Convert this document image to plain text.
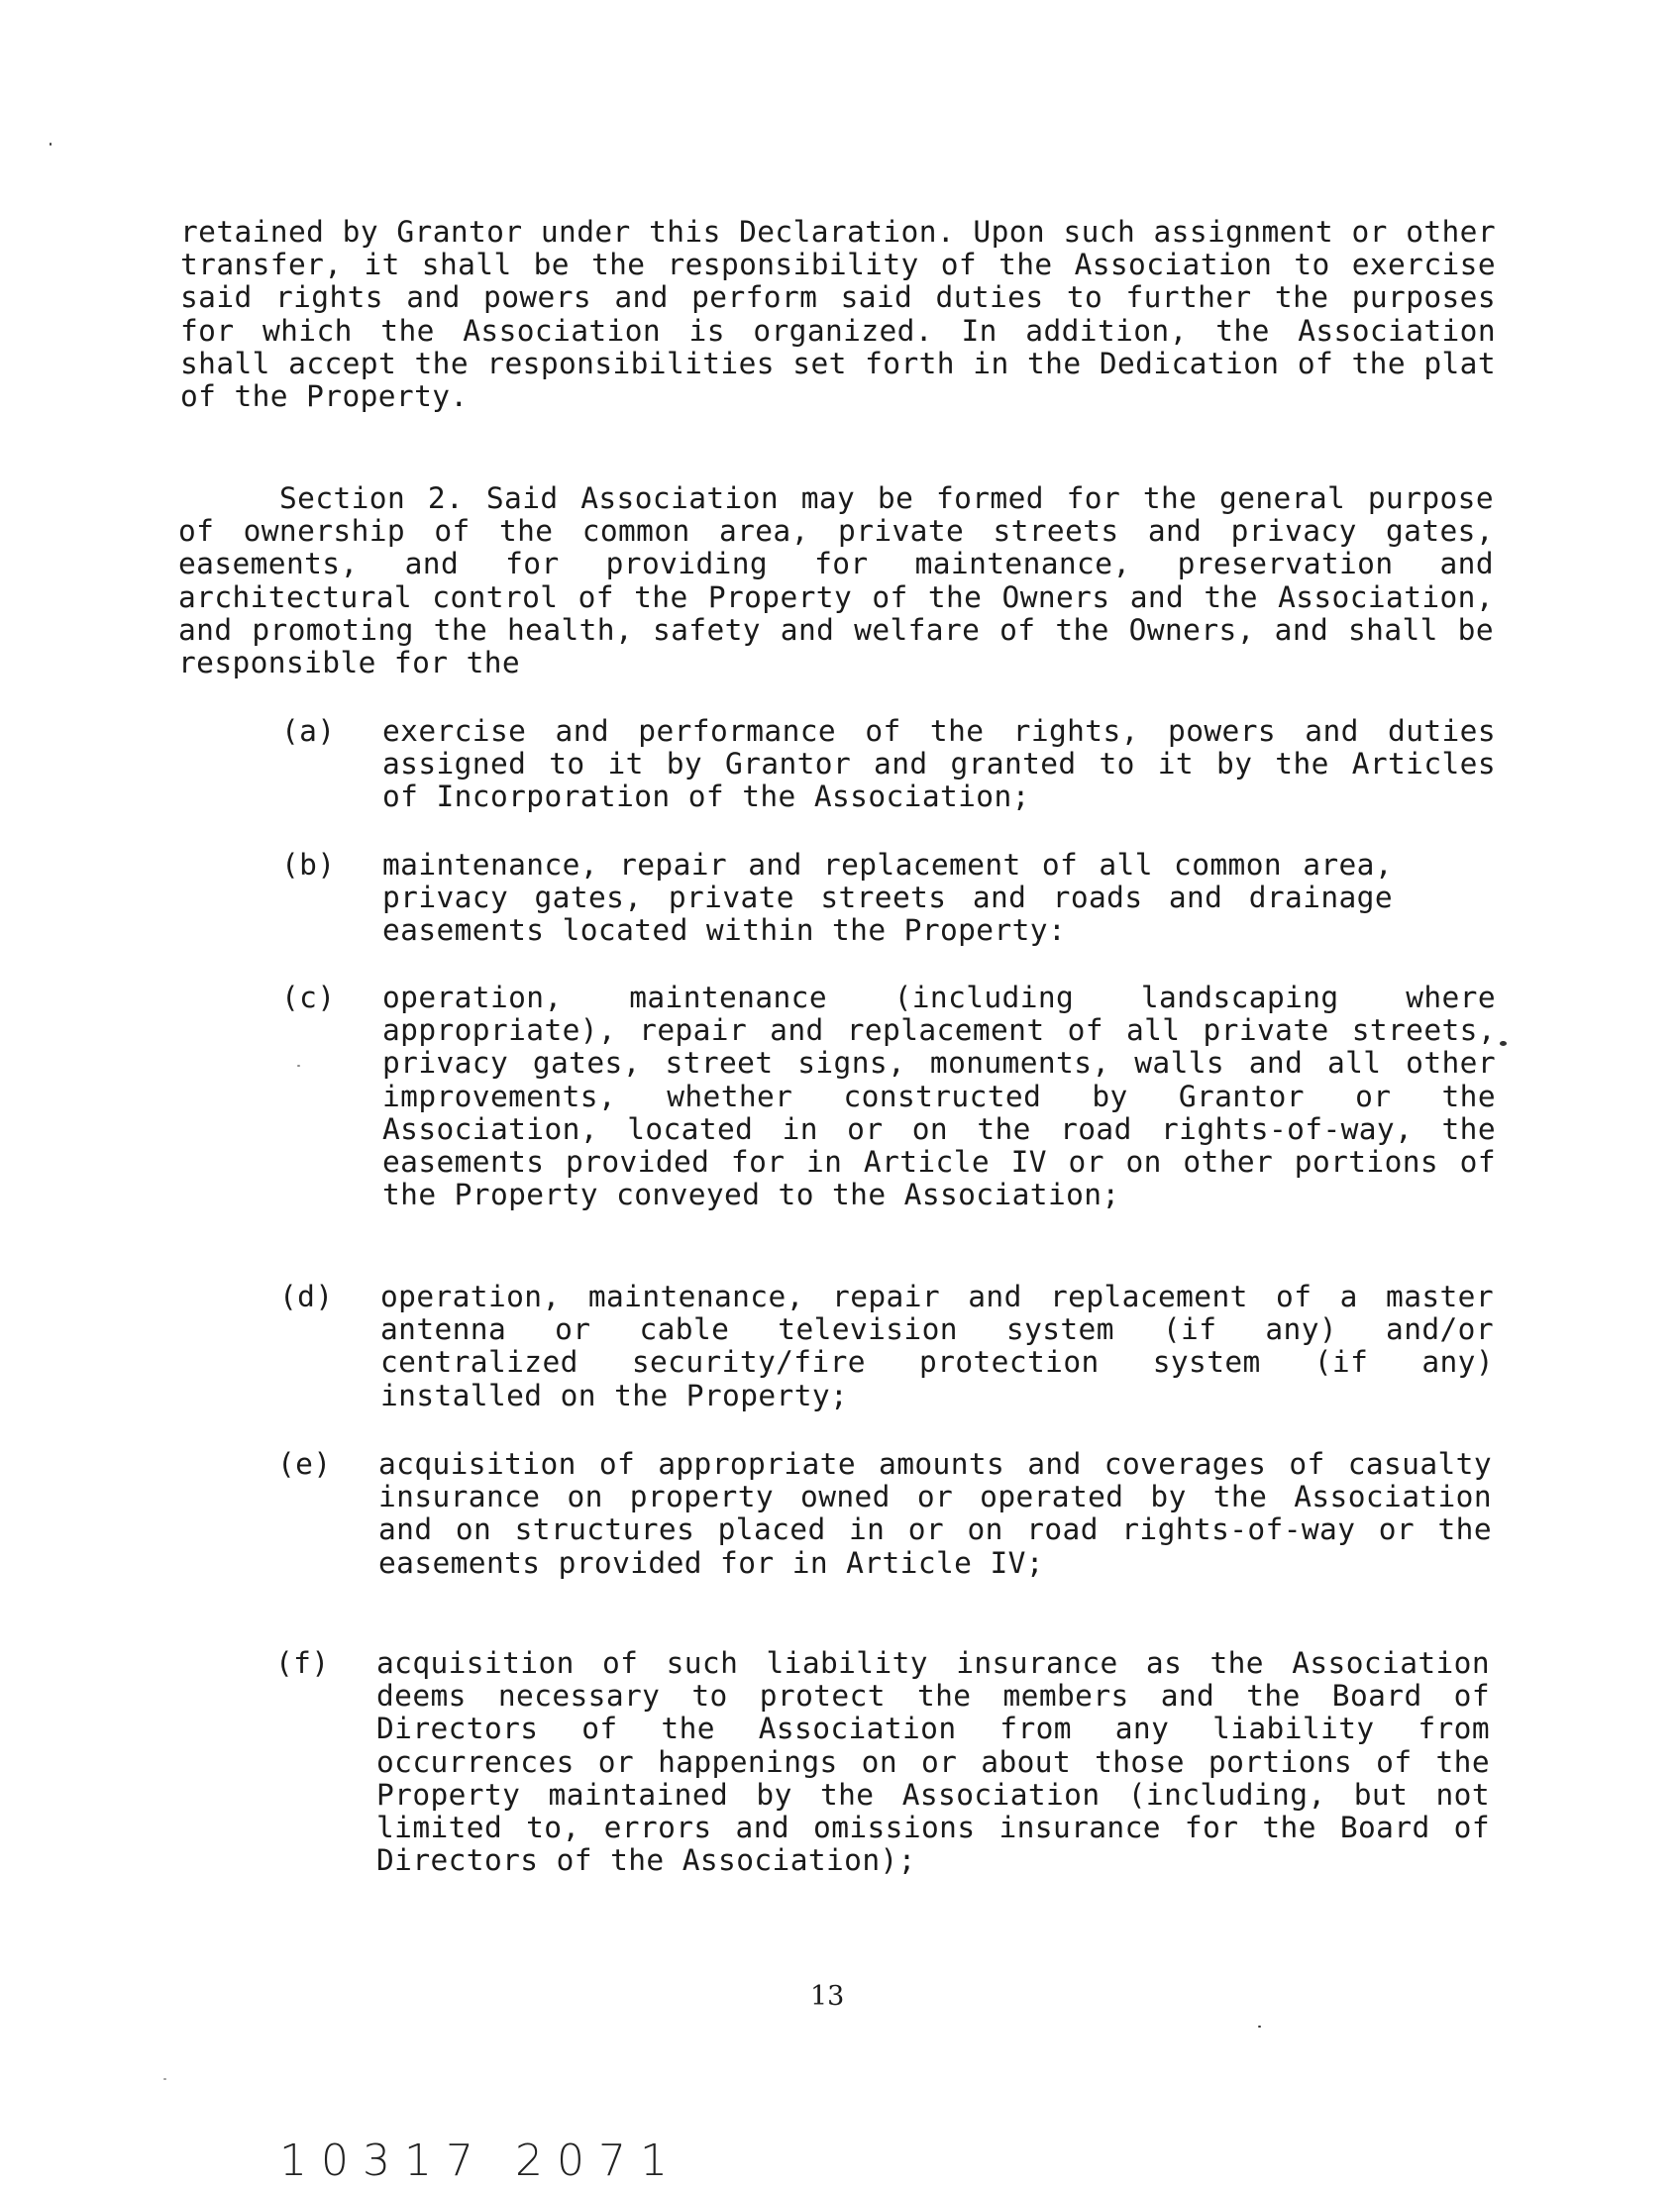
retained by Grantor under this Declaration. Upon such assignment or other transfer, it shall be the responsibility of the Association to exercise said rights and powers and perform said duties to further the purposes for which the Association is organized. In addition, the Association shall accept the responsibilities set forth in the Dedication of the plat of the Property.
Section 2. Said Association may be formed for the general purpose of ownership of the common area, private streets and privacy gates, easements, and for providing for maintenance, preservation and architectural control of the Property of the Owners and the Association, and promoting the health, safety and welfare of the Owners, and shall be responsible for the
(a) exercise and performance of the rights, powers and duties assigned to it by Grantor and granted to it by the Articles of Incorporation of the Association;
(b) maintenance, repair and replacement of all common area, privacy gates, private streets and roads and drainage easements located within the Property:
(c) operation, maintenance (including landscaping where appropriate), repair and replacement of all private streets, privacy gates, street signs, monuments, walls and all other improvements, whether constructed by Grantor or the Association, located in or on the road rights-of-way, the easements provided for in Article IV or on other portions of the Property conveyed to the Association;
(d) operation, maintenance, repair and replacement of a master antenna or cable television system (if any) and/or centralized security/fire protection system (if any) installed on the Property;
(e) acquisition of appropriate amounts and coverages of casualty insurance on property owned or operated by the Association and on structures placed in or on road rights-of-way or the easements provided for in Article IV;
(f) acquisition of such liability insurance as the Association deems necessary to protect the members and the Board of Directors of the Association from any liability from occurrences or happenings on or about those portions of the Property maintained by the Association (including, but not limited to, errors and omissions insurance for the Board of Directors of the Association);
13
10317 2071
